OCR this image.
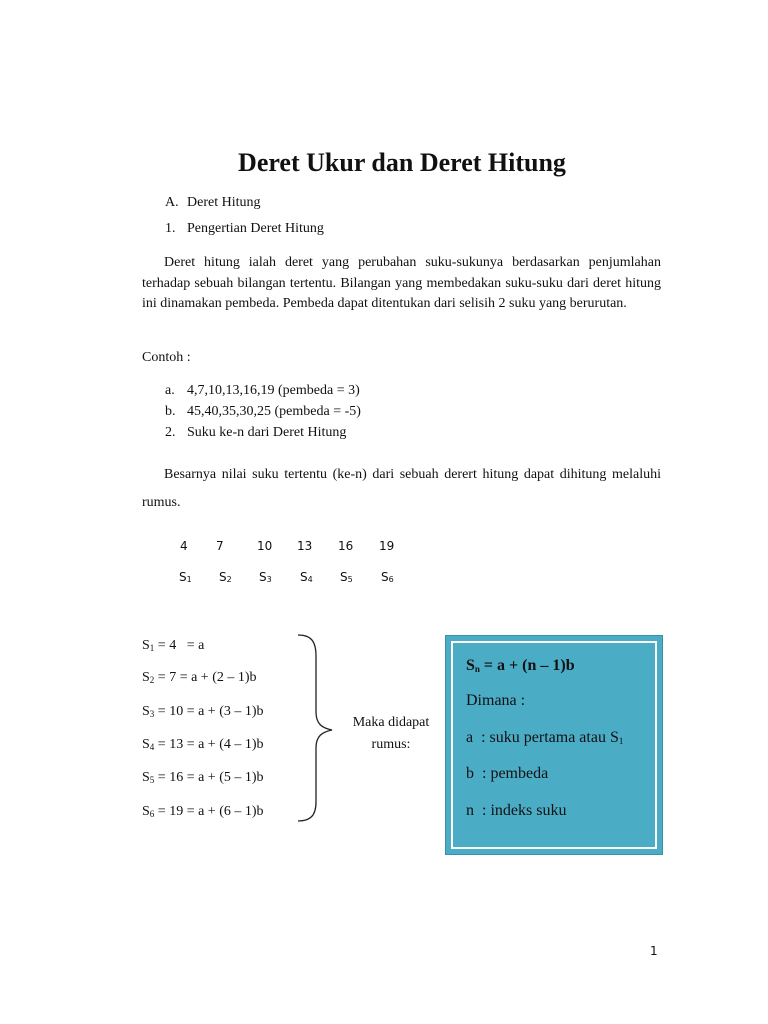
Deret Ukur dan Deret Hitung
A. Deret Hitung
1. Pengertian Deret Hitung
Deret hitung ialah deret yang perubahan suku-sukunya berdasarkan penjumlahan terhadap sebuah bilangan tertentu. Bilangan yang membedakan suku-suku dari deret hitung ini dinamakan pembeda. Pembeda dapat ditentukan dari selisih 2 suku yang berurutan.
Contoh :
a. 4,7,10,13,16,19 (pembeda = 3)
b. 45,40,35,30,25 (pembeda = -5)
2. Suku ke-n dari Deret Hitung
Besarnya nilai suku tertentu (ke-n) dari sebuah derert hitung dapat dihitung melaluhi rumus.
4 7	10 13 16 19
$S_1$ $S_2$ $S_3$ $S_4$ $S_5$ $S_6$
$S_1 = 4 = a$
$S_2 = 7 = a + (2 - 1)b$
$S_3 = 10 = a + (3 - 1)b$
$S_4 = 13 = a + (4 - 1)b$
$S_5 = 16 = a + (5 - 1)b$
$S_6 = 19 = a + (6 - 1)b$
Maka didapat rumus:
$S_n = a + (n - 1)b$
Dimana :
a  : suku pertama atau $S_1$
b  : pembeda
n  : indeks suku
1
